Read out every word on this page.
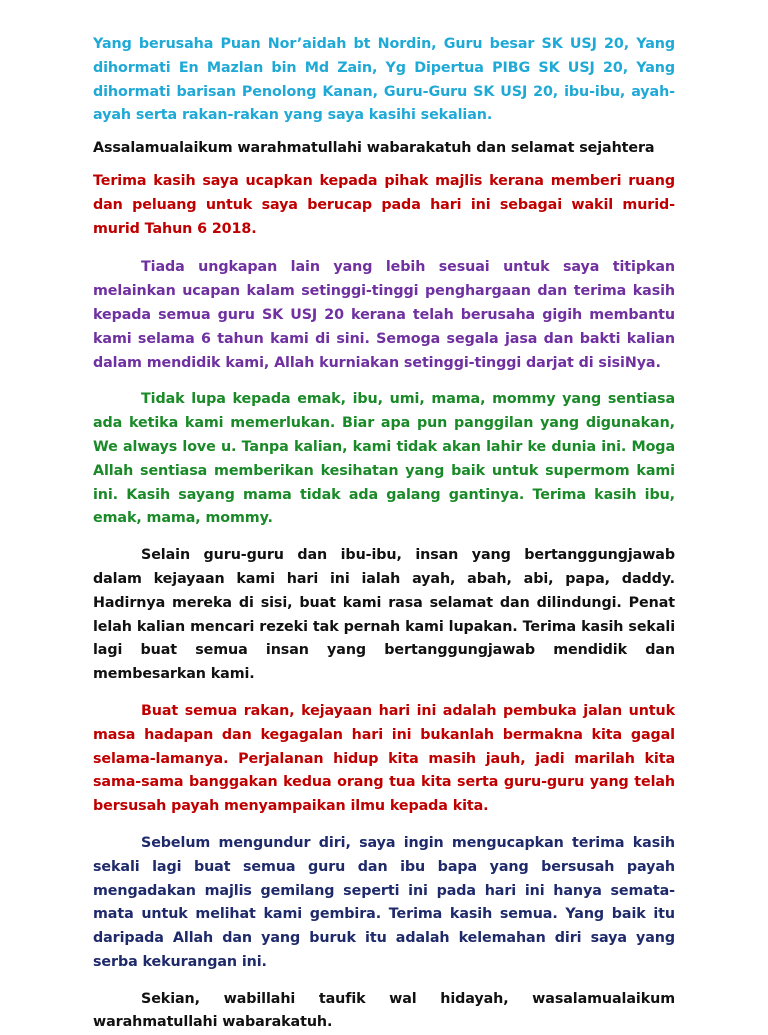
Yang berusaha Puan Nor’aidah bt Nordin, Guru besar SK USJ 20, Yang dihormati En Mazlan bin Md Zain, Yg Dipertua PIBG SK USJ 20, Yang dihormati barisan Penolong Kanan, Guru-Guru SK USJ 20, ibu-ibu, ayah-ayah serta rakan-rakan yang saya kasihi sekalian.

Assalamualaikum warahmatullahi wabarakatuh dan selamat sejahtera

Terima kasih saya ucapkan kepada pihak majlis kerana memberi ruang dan peluang untuk saya berucap pada hari ini sebagai wakil murid-murid Tahun 6 2018.

Tiada ungkapan lain yang lebih sesuai untuk saya titipkan melainkan ucapan kalam setinggi-tinggi penghargaan dan terima kasih kepada semua guru SK USJ 20 kerana telah berusaha gigih membantu kami selama 6 tahun kami di sini. Semoga segala jasa dan bakti kalian dalam mendidik kami, Allah kurniakan setinggi-tinggi darjat di sisiNya.

Tidak lupa kepada emak, ibu, umi, mama, mommy yang sentiasa ada ketika kami memerlukan. Biar apa pun panggilan yang digunakan, We always love u. Tanpa kalian, kami tidak akan lahir ke dunia ini. Moga Allah sentiasa memberikan kesihatan yang baik untuk supermom kami ini. Kasih sayang mama tidak ada galang gantinya. Terima kasih ibu, emak, mama, mommy.

Selain guru-guru dan ibu-ibu, insan yang bertanggungjawab dalam kejayaan kami hari ini ialah ayah, abah, abi, papa, daddy. Hadirnya mereka di sisi, buat kami rasa selamat dan dilindungi. Penat lelah kalian mencari rezeki tak pernah kami lupakan. Terima kasih sekali lagi buat semua insan yang bertanggungjawab mendidik dan membesarkan kami.

Buat semua rakan, kejayaan hari ini adalah pembuka jalan untuk masa hadapan dan kegagalan hari ini bukanlah bermakna kita gagal selama-lamanya. Perjalanan hidup kita masih jauh, jadi marilah kita sama-sama banggakan kedua orang tua kita serta guru-guru yang telah bersusah payah menyampaikan ilmu kepada kita.

Sebelum mengundur diri, saya ingin mengucapkan terima kasih sekali lagi buat semua guru dan ibu bapa yang bersusah payah mengadakan majlis gemilang seperti ini pada hari ini hanya semata-mata untuk melihat kami gembira. Terima kasih semua. Yang baik itu daripada Allah dan yang buruk itu adalah kelemahan diri saya yang serba kekurangan ini.

Sekian, wabillahi taufik wal hidayah, wasalamualaikum warahmatullahi wabarakatuh.
